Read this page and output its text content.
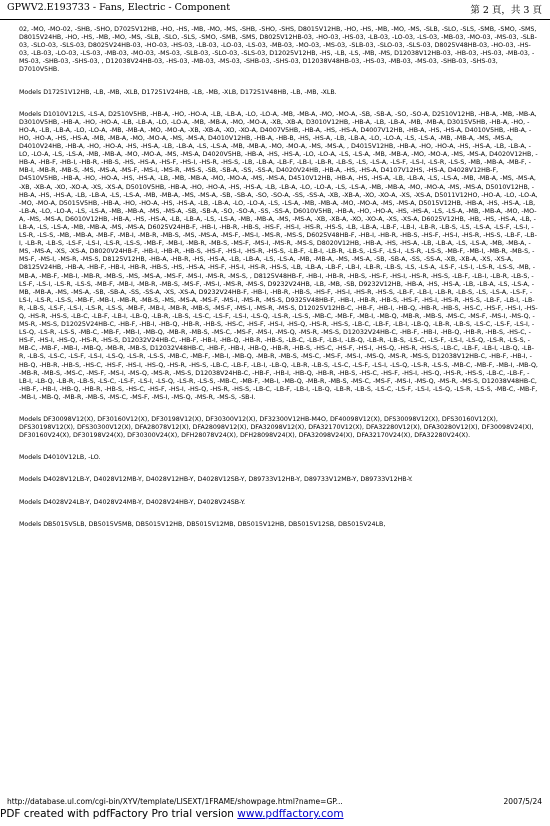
GPWV2.E193733 - Fans, Electric - Component	第 2 頁，共 3 頁

02, -MO, -MO-02, -SHB, -SHO, D7025V12HB, -HO, -HS, -MB, -MO, -MS, -SHB, -SHO, -SHS, D8015V12HB, -HO, -HS, -MB, -MO, -MS, -SLB, -SLO, -SLS, -SMB, -SMO, -SMS, D8015V24HB, -HO, -HS, -MB, -MO, -MS, -SLB, -SLO, -SLS, -SMO, -SMB, -SMS, D8025V12HB-03, -HO-03, -HS-03, -LB-03, -LO-03, -LS-03, -MB-03, -MO-03, -MS-03, -SLB-03, -SLO-03, -SLS-03, D8025V24HB-03, -HO-03, -HS-03, -LB-03, -LO-03, -LS-03, -MB-03, -MO-03, -MS-03, -SLB-03, -SLO-03, -SLS-03, D8025V48HB-03, -HO-03, -HS-03, -LB-03, -LO-03, -LS-03, -MB-03, -MO-03, -MS-03, -SLB-03, -SLO-03, -SLS-03, D12025V12HB, -HS, -LB, -LS, -MB, -MS, D12038V12HB-03, -HB-03, -HS-03, -MB-03, -MS-03, -SHB-03, -SHS-03, , D12038V24HB-03, -HS-03, -MB-03, -MS-03, -SHB-03, -SHS-03, D12038V48HB-03, -HS-03, -MB-03, -MS-03, -SHB-03, -SHS-03, D7010V5HB.

Models D17251V12HB, -LB, -MB, -XLB, D17251V24HB, -LB, -MB, -XLB, D17251V48HB, -LB, -MB, -XLB.

Models D1010V12LS, -LS-A, D2510V5HB, -HB-A, -HO, -HO-A, -LB, -LB-A, -LO, -LO-A, -MB, -MB-A, -MO, -MO-A, -SB, -SB-A, -SO, -SO-A, D2510V12HB, -HB-A, -MB, -MB-A, D3010V5HB, -HB-A, -HO, -HO-A, -LB, -LB-A, -LO, -LO-A, -MB, -MB-A, -MO, -MO-A, -XB, -XB-A, D3010V12HB, -HB-A, -LB, -LB-A, -MB, -MB-A, D3015V5HB, -HB-A, -HO, -HO-A, -LB, -LB-A, -LO, -LO-A, -MB, -MB-A, -MO, -MO-A, -XB, -XB-A, -XO, -XO-A, D4007V5HB, -HB-A, -HS, -HS-A, D4007V12HB, -HB-A, -HS, -HS-A, D4010V5HB, -HB-A, -HO, -HO-A, -HS, -HS-A, -MB, -MB-A, -MO, -MO-A, -MS, -MS-A, D4010V12HB, -HB-A, -HB-B, -HS, -HS-A, -LB, -LB-A, -LO, -LO-A, -LS, -LS-A, -MB, -MB-A, -MS, -MS-A, D4010V24HB, -HB-A, -HO, -HO-A, -HS, -HS-A, -LB, -LB-A, -LS, -LS-A, -MB, -MB-A, -MO, -MO-A, -MS, -MS-A, , D4015V12HB, -HB-A, -HO, -HO-A, -HS, -HS-A, -LB, -LB-A, -LO, -LO-A, -LS, -LS-A, -MB, -MB-A, -MO, -MO-A, -MS, -MS-A, D4020V5HB, -HB-A, -HS, -HS-A, -LO, -LO-A, -LS, -LS-A, -MB, -MB-A, -MO, -MO-A, -MS, -MS-A, D4020V12HB, -HB-A, -HB-F, -HB-I, -HB-R, -HB-S, -HS, -HS-A, -HS-F, -HS-I, -HS-R, -HS-S, -LB, -LB-A, -LB-F, -LB-I, -LB-R, -LB-S, -LS, -LS-A, -LS-F, -LS-I, -LS-R, -LS-S, -MB, -MB-A, -MB-F, -MB-I, -MB-R, -MB-S, -MS, -MS-A, -MS-F, -MS-I, -MS-R, -MS-S, -SB, -SB-A, -SS, -SS-A, D4020V24HB, -HB-A, -HS, -HS-A, D4107V12HS, -HS-A, D4028V12HB-F, D4510V5HB, -HB-A, -HO, -HO-A, -HS, -HS-A, -LB, -MB, -MB-A, -MO, -MO-A, -MS, -MS-A, D4510V12HB, -HB-A, -HS, -HS-A, -LB, -LB-A, -LS, -LS-A, -MB, -MB-A, -MS, -MS-A, -XB, -XB-A, -XO, -XO-A, -XS, -XS-A, D5010V5HB, -HB-A, -HO, -HO-A, -HS, -HS-A, -LB, -LB-A, -LO, -LO-A, -LS, -LS-A, -MB, -MB-A, -MO, -MO-A, -MS, -MS-A, D5010V12HB, -HB-A, -HS, -HS-A, -LB, -LB-A, -LS, -LS-A, -MB, -MB-A, -MS, -MS-A, -SB, -SB-A, -SO, -SO-A, -SS, -SS-A, -XB, -XB-A, -XO, -XO-A, -XS, -XS-A, D5011V12HO, -HO-A, -LO, -LO-A, -MO, -MO-A, D5015V5HB, -HB-A, -HO, -HO-A, -HS, -HS-A, -LB, -LB-A, -LO, -LO-A, -LS, -LS-A, -MB, -MB-A, -MO, -MO-A, -MS, -MS-A, D5015V12HB, -HB-A, -HS, -HS-A, -LB, -LB-A, -LO, -LO-A, -LS, -LS-A, -MB, -MB-A, -MS, -MS-A, -SB, -SB-A, -SO, -SO-A, -SS, -SS-A, D6010V5HB, -HB-A, -HO, -HO-A, -HS, -HS-A, -LS, -LS-A, -MB, -MB-A, -MO, -MO-A, -MS, -MS-A, D6010V12HB, -HB-A, -HS, -HS-A, -LB, -LB-A, -LS, -LS-A, -MB, -MB-A, -MS, -MS-A, -XB, -XB-A, -XO, -XO-A, -XS, -XS-A, D6025V12HB, -HB, -HS, -HS-A, -LB, -LB-A, -LS, -LS-A, -MB, -MB-A, -MS, -MS-A, D6025V24HB-F, -HB-I, -HB-R, -HB-S, -HS-F, -HS-I, -HS-R, -HS-S, -LB, -LB-A, -LB-F, -LB-I, -LB-R, -LB-S, -LS, -LS-A, -LS-F, -LS-I, -LS-R, -LS-S, -MB, -MB-A, -MB-F, -MB-I, -MB-R, -MB-S, -MS, -MS-A, -MS-F, -MS-I, -MS-R, -MS-S, D6025V48HB-F, -HB-I, -HB-R, -HB-S, -HS-F, -HS-I, -HS-R, -HS-S, -LB-F, -LB-I, -LB-R, -LB-S, -LS-F, -LS-I, -LS-R, -LS-S, -MB-F, -MB-I, -MB-R, -MB-S, -MS-F, -MS-I, -MS-R, -MS-S, D8020V12HB, -HB-A, -HS, -HS-A, -LB, -LB-A, -LS, -LS-A, -MB, -MB-A, -MS, -MS-A, -XS, -XS-A, D8020V24HB-F, -HB-I, -HB-R, -HB-S, -HS-F, -HS-I, -HS-R, -HS-S, -LB-F, -LB-I, -LB-R, -LB-S, -LS-F, -LS-I, -LS-R, -LS-S, -MB-F, -MB-I, -MB-R, -MB-S, -MS-F, -MS-I, -MS-R, -MS-S, D8125V12HB, -HB-A, -HB-R, -HS, -HS-A, -LB, -LB-A, -LS, -LS-A, -MB, -MB-A, -MS, -MS-A, -SB, -SB-A, -SS, -SS-A, -XB, -XB-A, -XS, -XS-A, D8125V24HB, -HB-A, -HB-F, -HB-I, -HB-R, -HB-S, -HS, -HS-A, -HS-F, -HS-I, -HS-R, -HS-S, -LB, -LB-A, -LB-F, -LB-I, -LB-R, -LB-S, -LS, -LS-A, -LS-F, -LS-I, -LS-R, -LS-S, -MB, -MB-A, -MB-F, -MB-I, -MB-R, -MB-S, -MS, -MS-A, -MS-F, -MS-I, -MS-R, -MS-S, , D8125V48HB-F, -HB-I, -HB-R, -HB-S, -HS-F, -HS-I, -HS-R, -HS-S, -LB-F, -LB-I, -LB-R, -LB-S, -LS-F, -LS-I, -LS-R, -LS-S, -MB-F, -MB-I, -MB-R, -MB-S, -MS-F, -MS-I, -MS-R, -MS-S, D9232V24HB, -LB, -MB, -SB, D9232V12HB, -HB-A, -HS, -HS-A, -LB, -LB-A, -LS, -LS-A, -MB, -MB-A, -MS, -MS-A, -SB, -SB-A, -SS, -SS-A, -XS, -XS-A, D9232V24HB-F, -HB-I, -HB-R, -HB-S, -HS-F, -HS-I, -HS-R, -HS-S, -LB-F, -LB-I, -LB-R, -LB-S, -LS, -LS-A, -LS-F, -LS-I, -LS-R, -LS-S, -MB-F, -MB-I, -MB-R, -MB-S, -MS, -MS-A, -MS-F, -MS-I, -MS-R, -MS-S, D9325V48HB-F, -HB-I, -HB-R, -HB-S, -HS-F, -HS-I, -HS-R, -HS-S, -LB-F, -LB-I, -LB-R, -LB-S, -LS-F, -LS-I, -LS-R, -LS-S, -MB-F, -MB-I, -MB-R, -MB-S, -MS-F, -MS-I, -MS-R, -MS-S, D12025V12HB-C, -HB-F, -HB-I, -HB-Q, -HB-R, -HB-S, -HS-C, -HS-F, -HS-I, -HS-Q, -HS-R, -HS-S, -LB-C, -LB-F, -LB-I, -LB-Q, -LB-R, -LB-S, -LS-C, -LS-F, -LS-I, -LS-Q, -LS-R, -LS-S, -MB-C, -MB-F, -MB-I, -MB-Q, -MB-R, -MB-S, -MS-C, -MS-F, -MS-I, -MS-Q, -MS-R, -MS-S, D12025V24HB-C, -HB-F, -HB-I, -HB-Q, -HB-R, -HB-S, -HS-C, -HS-F, -HS-I, -HS-Q, -HS-R, -HS-S, -LB-C, -LB-F, -LB-I, -LB-Q, -LB-R, -LB-S, -LS-C, -LS-F, -LS-I, -LS-Q, -LS-R, -LS-S, -MB-C, -MB-F, -MB-I, -MB-Q, -MB-R, -MB-S, -MS-C, -MS-F, -MS-I, -MS-Q, -MS-R, -MS-S, D12032V24HB-C, -HB-F, -HB-I, -HB-Q, -HB-R, -HB-S, -HS-C, -HS-F, -HS-I, -HS-Q, -HS-R, -HS-S, D12032V24HB-C, -HB-F, -HB-I, -HB-Q, -HB-R, -HB-S, -LB-C, -LB-F, -LB-I, -LB-Q, -LB-R, -LB-S, -LS-C, -LS-F, -LS-I, -LS-Q, -LS-R, -LS-S, -MB-C, -MB-F, -MB-I, -MB-Q, -MB-R, -MB-S, D12032V48HB-C, -HB-F, -HB-I, -HB-Q, -HB-R, -HB-S, -HS-C, -HS-F, -HS-I, -HS-Q, -HS-R, -HS-S, -LB-C, -LB-F, -LB-I, -LB-Q, -LB-R, -LB-S, -LS-C, -LS-F, -LS-I, -LS-Q, -LS-R, -LS-S, -MB-C, -MB-F, -MB-I, -MB-Q, -MB-R, -MB-S, -MS-C, -MS-F, -MS-I, -MS-Q, -MS-R, -MS-S, D12038V12HB-C, -HB-F, -HB-I, -HB-Q, -HB-R, -HB-S, -HS-C, -HS-F, -HS-I, -HS-Q, -HS-R, -HS-S, -LB-C, -LB-F, -LB-I, -LB-Q, -LB-R, -LB-S, -LS-C, -LS-F, -LS-I, -LS-Q, -LS-R, -LS-S, -MB-C, -MB-F, -MB-I, -MB-Q, -MB-R, -MB-S, -MS-C, -MS-F, -MS-I, -MS-Q, -MS-R, -MS-S, D12038V24HB-C, -HB-F, -HB-I, -HB-Q, -HB-R, -HB-S, -HS-C, -HS-F, -HS-I, -HS-Q, -HS-R, -HS-S, -LB-C, -LB-F, -LB-I, -LB-Q, -LB-R, -LB-S, -LS-C, -LS-F, -LS-I, -LS-Q, -LS-R, -LS-S, -MB-C, -MB-F, -MB-I, -MB-Q, -MB-R, -MB-S, -MS-C, -MS-F, -MS-I, -MS-Q, -MS-R, -MS-S, D12038V48HB-C, -HB-F, -HB-I, -HB-Q, -HB-R, -HB-S, -HS-C, -HS-F, -HS-I, -HS-Q, -HS-R, -HS-S, -LB-C, -LB-F, -LB-I, -LB-Q, -LB-R, -LB-S, -LS-C, -LS-F, -LS-I, -LS-Q, -LS-R, -LS-S, -MB-C, -MB-F, -MB-I, -MB-Q, -MB-R, -MB-S, -MS-C, -MS-F, -MS-I, -MS-Q, -MS-R, -MS-S, -SB-I.

Models DF30098V12(X), DF30160V12(X), DF30198V12(X), DF30300V12(X), DF32300V12HB-M4O, DF40098V12(X), DFS30098V12(X), DFS30160V12(X), DFS30198V12(X), DFS30300V12(X), DFA28078V12(X), DFA28098V12(X), DFA32098V12(X), DFA32170V12(X), DFA32280V12(X), DFA30280V12(X), DF30098V24(X), DF30160V24(X), DF30198V24(X), DF30300V24(X), DFH28078V24(X), DFH28098V24(X), DFA32098V24(X), DFA32170V24(X), DFA32280V24(X).

Models D4010V12LB, -LO.

Models D4028V12LB-Y, D4028V12MB-Y, D4028V12HB-Y, D4028V12SB-Y, D89733V12HB-Y, D89733V12MB-Y, D89733V12HB-Y.

Models D4028V24LB-Y, D4028V24MB-Y, D4028V24HB-Y, D4028V24SB-Y.

Models DB5015V5LB, DB5015V5MB, DB5015V12HB, DB5015V12MB, DB5015V12HB, DB5015V12SB, DB5015V24LB,

http://database.ul.com/cgi-bin/XYV/template/LISEXT/1FRAME/showpage.html?name=GP...	2007/5/24
PDF created with pdfFactory Pro trial version www.pdffactory.com
